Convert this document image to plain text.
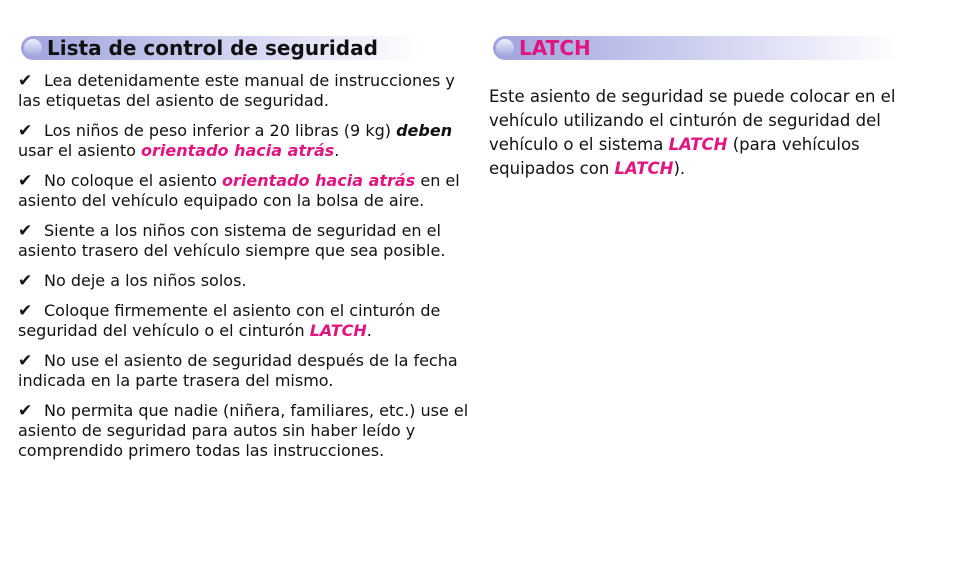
Lista de control de seguridad	LATCH
✔ Lea detenidamente este manual de instrucciones y las etiquetas del asiento de seguridad.
✔ Los niños de peso inferior a 20 libras (9 kg) deben usar el asiento orientado hacia atrás.
✔ No coloque el asiento orientado hacia atrás en el asiento del vehículo equipado con la bolsa de aire.
✔ Siente a los niños con sistema de seguridad en el asiento trasero del vehículo siempre que sea posible.
✔ No deje a los niños solos.
✔ Coloque firmemente el asiento con el cinturón de seguridad del vehículo o el cinturón LATCH.
✔ No use el asiento de seguridad después de la fecha indicada en la parte trasera del mismo.
✔ No permita que nadie (niñera, familiares, etc.) use el asiento de seguridad para autos sin haber leído y comprendido primero todas las instrucciones.

Este asiento de seguridad se puede colocar en el vehículo utilizando el cinturón de seguridad del vehículo o el sistema LATCH (para vehículos equipados con LATCH).
